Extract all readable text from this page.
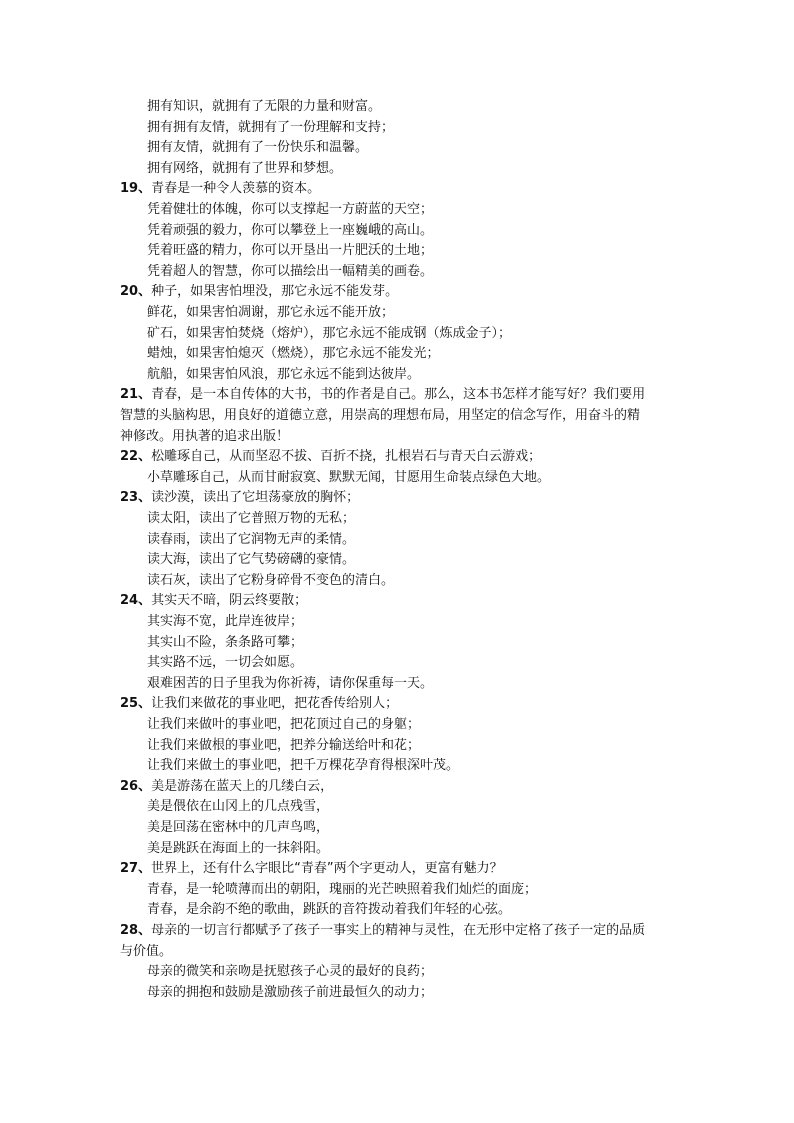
拥有知识，就拥有了无限的力量和财富。
拥有拥有友情，就拥有了一份理解和支持；
拥有友情，就拥有了一份快乐和温馨。
拥有网络，就拥有了世界和梦想。
19、青春是一种令人羡慕的资本。
凭着健壮的体魄，你可以支撑起一方蔚蓝的天空；
凭着顽强的毅力，你可以攀登上一座巍峨的高山。
凭着旺盛的精力，你可以开垦出一片肥沃的土地；
凭着超人的智慧，你可以描绘出一幅精美的画卷。
20、种子，如果害怕埋没，那它永远不能发芽。
鲜花，如果害怕凋谢，那它永远不能开放；
矿石，如果害怕焚烧（熔炉），那它永远不能成钢（炼成金子）；
蜡烛，如果害怕熄灭（燃烧），那它永远不能发光；
航船，如果害怕风浪，那它永远不能到达彼岸。
21、青春，是一本自传体的大书，书的作者是自己。那么，这本书怎样才能写好？我们要用
智慧的头脑构思，用良好的道德立意，用崇高的理想布局，用坚定的信念写作，用奋斗的精
神修改。用执著的追求出版！
22、松雕琢自己，从而坚忍不拔、百折不挠，扎根岩石与青天白云游戏；
小草雕琢自己，从而甘耐寂寞、默默无闻，甘愿用生命装点绿色大地。
23、读沙漠，读出了它坦荡豪放的胸怀；
读太阳，读出了它普照万物的无私；
读春雨，读出了它润物无声的柔情。
读大海，读出了它气势磅礴的豪情。
读石灰，读出了它粉身碎骨不变色的清白。
24、其实天不暗，阴云终要散；
其实海不宽，此岸连彼岸；
其实山不险，条条路可攀；
其实路不远，一切会如愿。
艰难困苦的日子里我为你祈祷，请你保重每一天。
25、让我们来做花的事业吧，把花香传给别人；
让我们来做叶的事业吧，把花顶过自己的身躯；
让我们来做根的事业吧，把养分输送给叶和花；
让我们来做土的事业吧，把千万棵花孕育得根深叶茂。
26、美是游荡在蓝天上的几缕白云，
美是偎依在山冈上的几点残雪，
美是回荡在密林中的几声鸟鸣，
美是跳跃在海面上的一抹斜阳。
27、世界上，还有什么字眼比“青春”两个字更动人，更富有魅力？
青春，是一轮喷薄而出的朝阳，瑰丽的光芒映照着我们灿烂的面庞；
青春，是余韵不绝的歌曲，跳跃的音符拨动着我们年轻的心弦。
28、母亲的一切言行都赋予了孩子一事实上的精神与灵性，在无形中定格了孩子一定的品质
与价值。
母亲的微笑和亲吻是抚慰孩子心灵的最好的良药；
母亲的拥抱和鼓励是激励孩子前进最恒久的动力；
